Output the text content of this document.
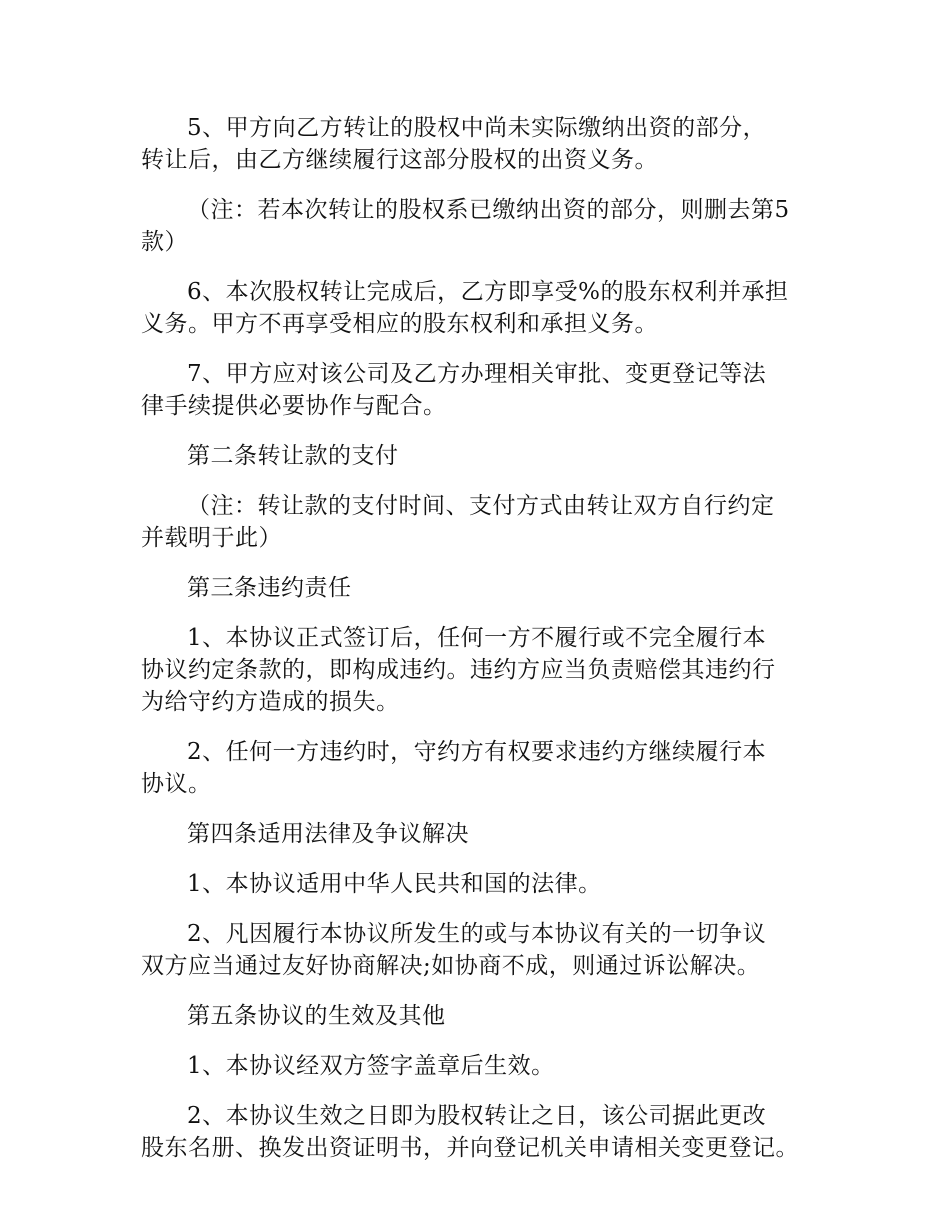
5、甲方向乙方转让的股权中尚未实际缴纳出资的部分，
转让后，由乙方继续履行这部分股权的出资义务。

（注：若本次转让的股权系已缴纳出资的部分，则删去第5
款）

6、本次股权转让完成后，乙方即享受%的股东权利并承担
义务。甲方不再享受相应的股东权利和承担义务。

7、甲方应对该公司及乙方办理相关审批、变更登记等法
律手续提供必要协作与配合。

第二条转让款的支付

（注：转让款的支付时间、支付方式由转让双方自行约定
并载明于此）

第三条违约责任

1、本协议正式签订后，任何一方不履行或不完全履行本
协议约定条款的，即构成违约。违约方应当负责赔偿其违约行
为给守约方造成的损失。

2、任何一方违约时，守约方有权要求违约方继续履行本
协议。

第四条适用法律及争议解决

1、本协议适用中华人民共和国的法律。

2、凡因履行本协议所发生的或与本协议有关的一切争议
双方应当通过友好协商解决;如协商不成，则通过诉讼解决。

第五条协议的生效及其他

1、本协议经双方签字盖章后生效。

2、本协议生效之日即为股权转让之日，该公司据此更改
股东名册、换发出资证明书，并向登记机关申请相关变更登记。
